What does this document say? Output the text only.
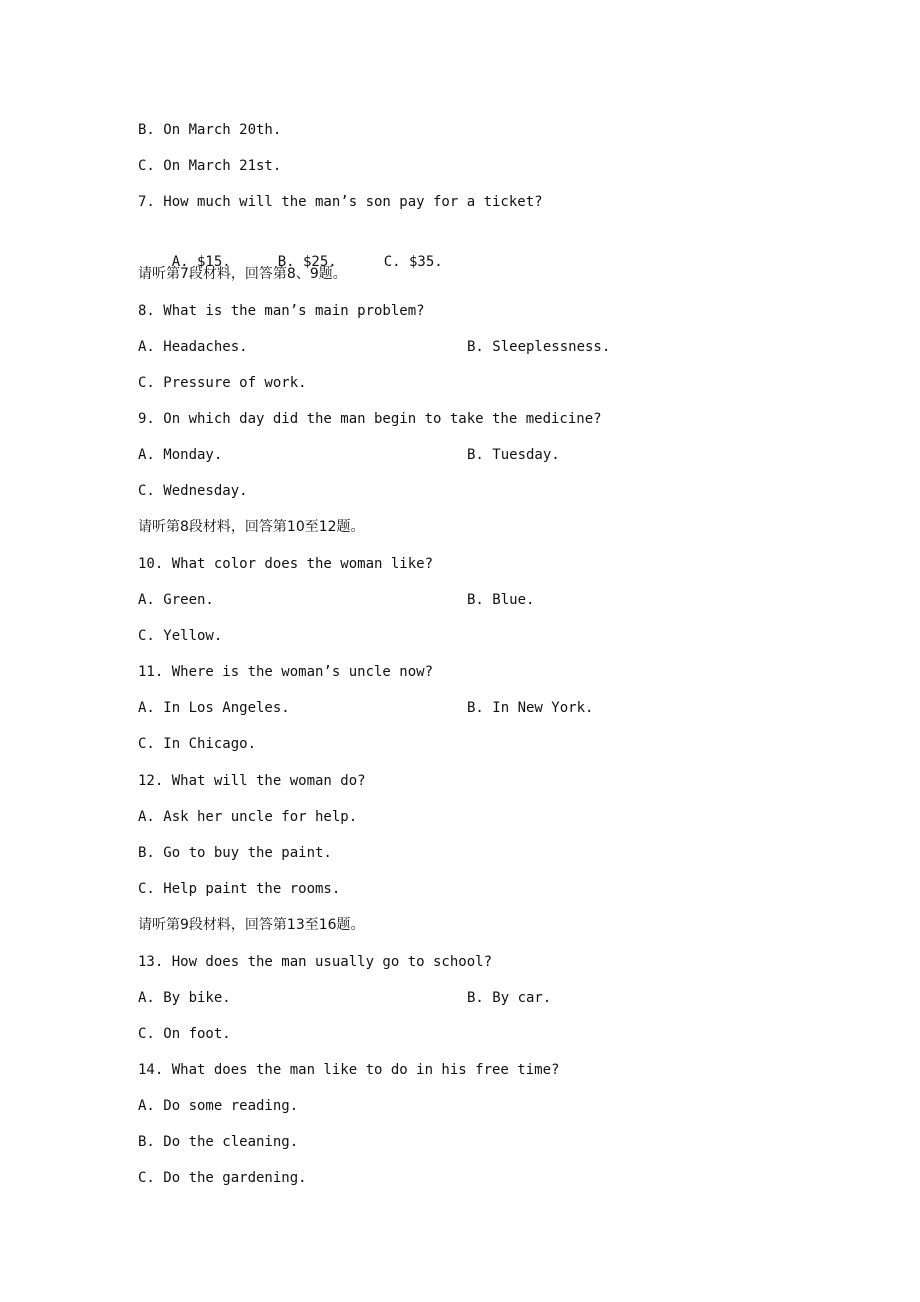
B. On March 20th.
C. On March 21st.
7. How much will the man’s son pay for a ticket?

A. $15.	B. $25.	C. $35.

请听第7段材料，回答第8、9题。
8. What is the man’s main problem?
A. Headaches.	B. Sleeplessness.
C. Pressure of work.
9. On which day did the man begin to take the medicine?
A. Monday.	B. Tuesday.
C. Wednesday.
请听第8段材料，回答第10至12题。
10. What color does the woman like?
A. Green.	B. Blue.
C. Yellow.
11. Where is the woman’s uncle now?
A. In Los Angeles.	B. In New York.
C. In Chicago.
12. What will the woman do?
A. Ask her uncle for help.
B. Go to buy the paint.
C. Help paint the rooms.
请听第9段材料，回答第13至16题。
13. How does the man usually go to school?
A. By bike.	B. By car.
C. On foot.
14. What does the man like to do in his free time?
A. Do some reading.
B. Do the cleaning.
C. Do the gardening.
